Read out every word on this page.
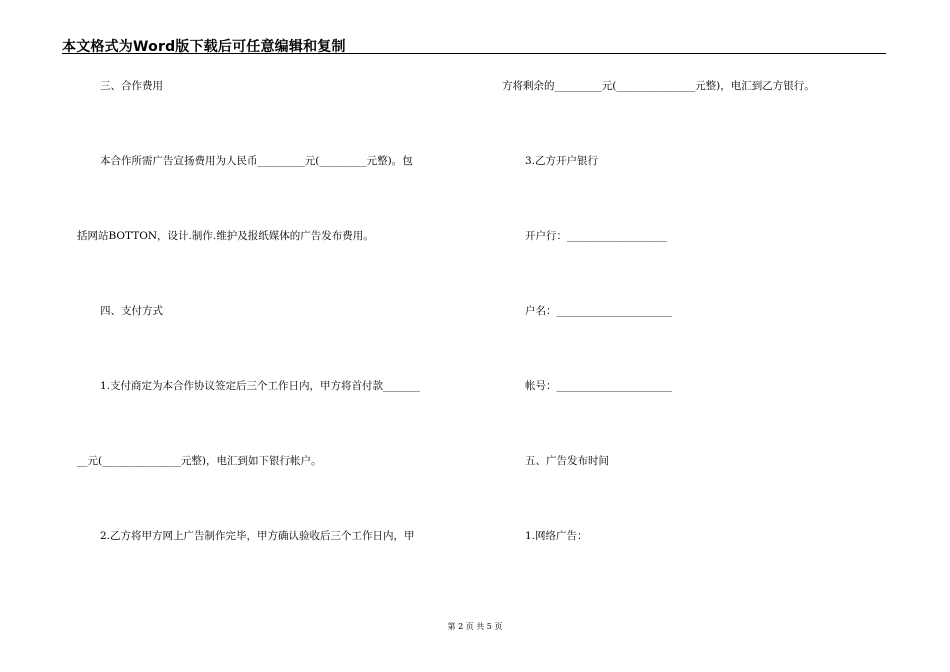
本文格式为Word版下载后可任意编辑和复制
三、合作费用
本合作所需广告宣扬费用为人民币_________元(_________元整)。包
括网站BOTTON，设计.制作.维护及报纸媒体的广告发布费用。
四、支付方式
1.支付商定为本合作协议签定后三个工作日内，甲方将首付款_______
__元(_______________元整)，电汇到如下银行帐户。
2.乙方将甲方网上广告制作完毕，甲方确认验收后三个工作日内，甲
方将剩余的_________元(_______________元整)，电汇到乙方银行。
3.乙方开户银行
开户行：___________________
户名：______________________
帐号：______________________
五、广告发布时间
1.网络广告：
第 2 页 共 5 页
